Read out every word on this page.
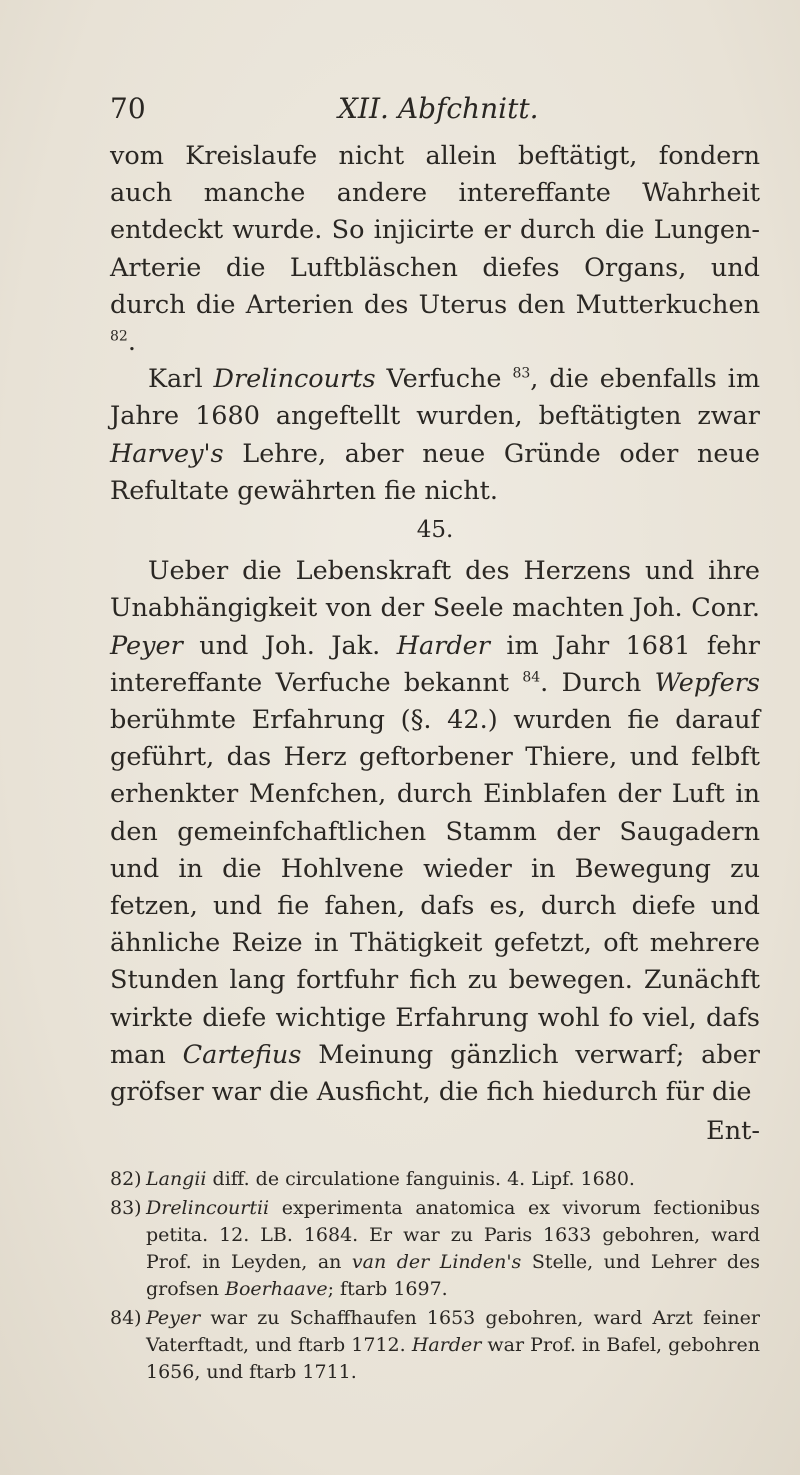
70	XII. Abfchnitt.

vom Kreislaufe nicht allein beftätigt, fondern auch manche andere intereffante Wahrheit entdeckt wurde. So injicirte er durch die Lungen-Arterie die Luftbläschen diefes Organs, und durch die Arterien des Uterus den Mutterkuchen $^{82}$.

Karl Drelincourts Verfuche $^{83}$, die ebenfalls im Jahre 1680 angeftellt wurden, beftätigten zwar Harvey's Lehre, aber neue Gründe oder neue Refultate gewährten fie nicht.

45.

Ueber die Lebenskraft des Herzens und ihre Unabhängigkeit von der Seele machten Joh. Conr. Peyer und Joh. Jak. Harder im Jahr 1681 fehr intereffante Verfuche bekannt $^{84}$. Durch Wepfers berühmte Erfahrung (§. 42.) wurden fie darauf geführt, das Herz geftorbener Thiere, und felbft erhenkter Menfchen, durch Einblafen der Luft in den gemeinfchaftlichen Stamm der Saugadern und in die Hohlvene wieder in Bewegung zu fetzen, und fie fahen, dafs es, durch diefe und ähnliche Reize in Thätigkeit gefetzt, oft mehrere Stunden lang fortfuhr fich zu bewegen. Zunächft wirkte diefe wichtige Erfahrung wohl fo viel, dafs man Cartefius Meinung gänzlich verwarf; aber gröfser war die Ausficht, die fich hiedurch für die

Ent-
82) Langii diff. de circulatione fanguinis. 4. Lipf. 1680.
83) Drelincourtii experimenta anatomica ex vivorum fectionibus petita. 12. LB. 1684. Er war zu Paris 1633 gebohren, ward Prof. in Leyden, an van der Linden's Stelle, und Lehrer des grofsen Boerhaave; ftarb 1697.
84) Peyer war zu Schaffhaufen 1653 gebohren, ward Arzt feiner Vaterftadt, und ftarb 1712. Harder war Prof. in Bafel, gebohren 1656, und ftarb 1711.
